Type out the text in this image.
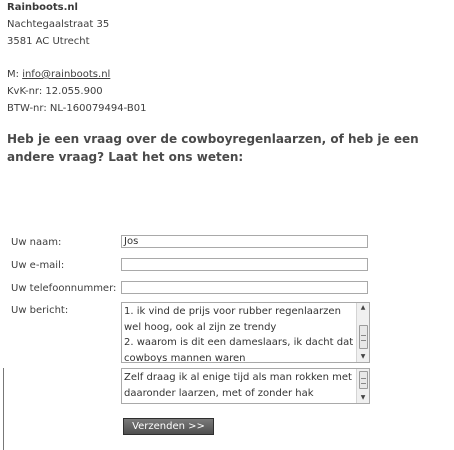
Rainboots.nl
Nachtegaalstraat 35
3581 AC Utrecht
M: info@rainboots.nl
KvK-nr: 12.055.900
BTW-nr: NL-160079494-B01
Heb je een vraag over de cowboyregenlaarzen, of heb je een andere vraag? Laat het ons weten:
Uw naam:
Uw e-mail:
Uw telefoonnummer:
Uw bericht:
Jos
1. ik vind de prijs voor rubber regenlaarzen wel hoog, ook al zijn ze trendy
2. waarom is dit een dameslaars, ik dacht dat cowboys mannen waren
▲
▼
Zelf draag ik al enige tijd als man rokken met daaronder laarzen, met of zonder hak	▼
Verzenden >>
